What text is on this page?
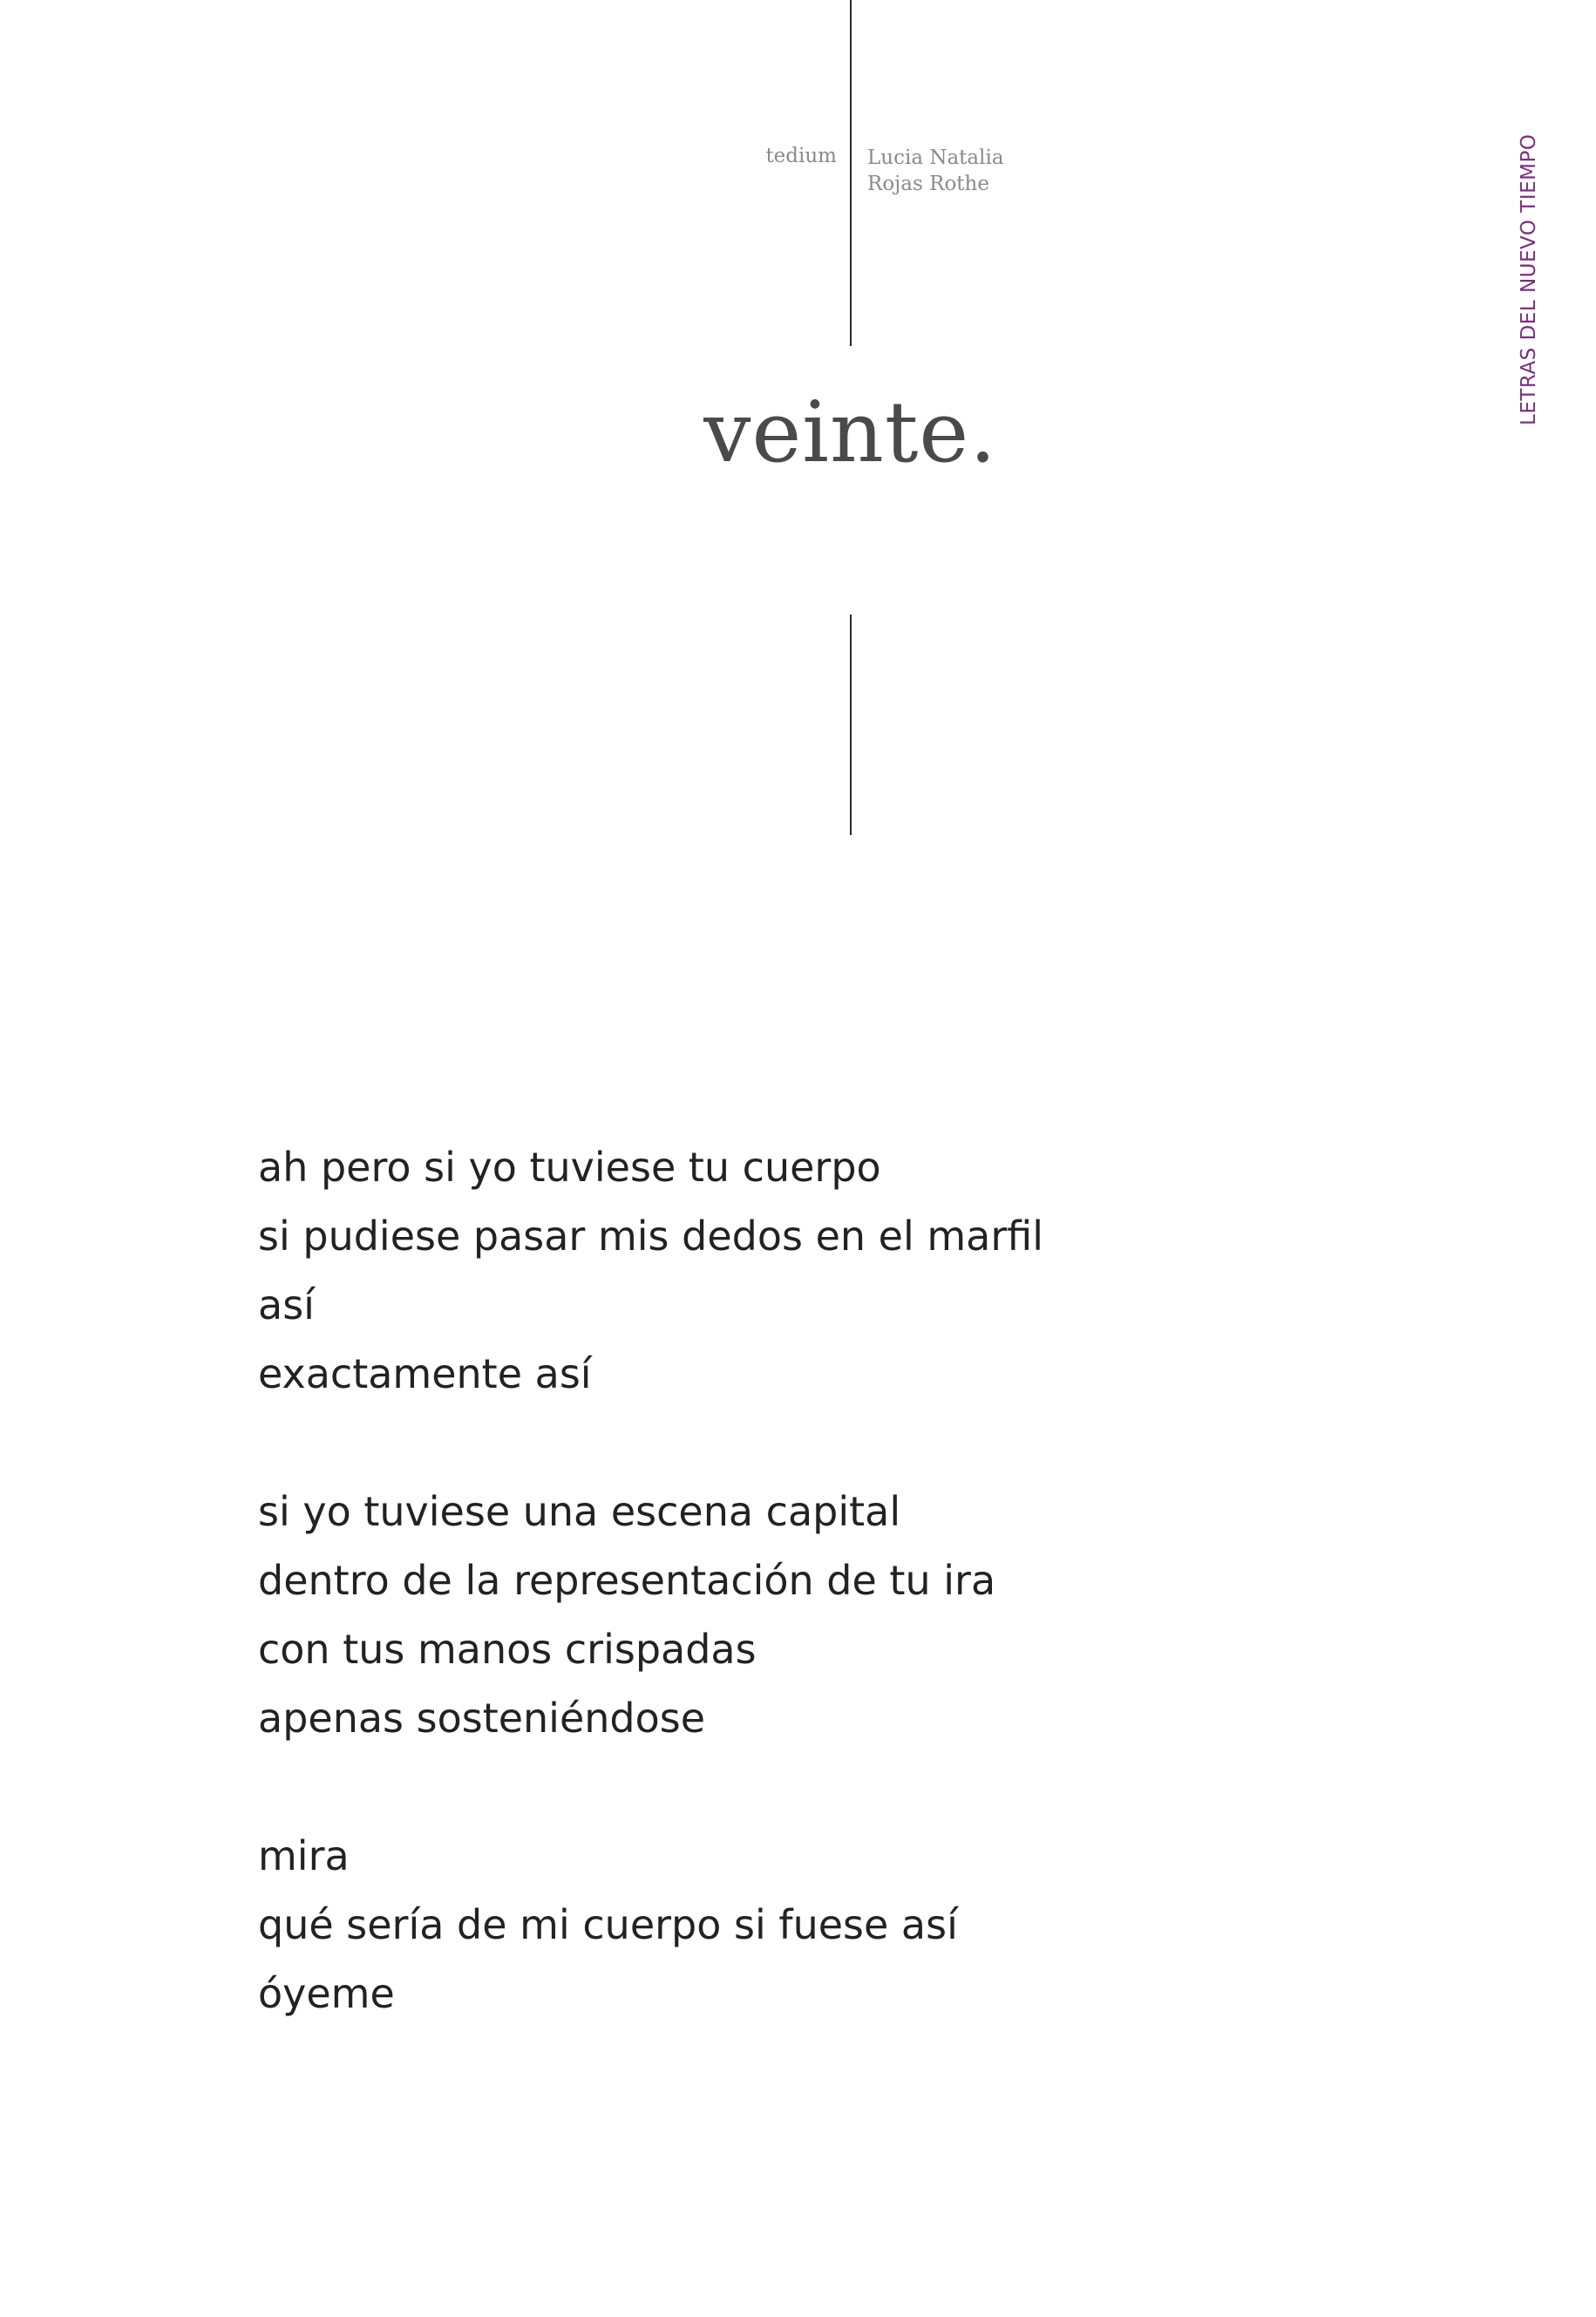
tedium Lucia Natalia
Rojas Rothe	LETRAS DEL NUEVO TIEMPO
veinte.
ah pero si yo tuviese tu cuerpo
si pudiese pasar mis dedos en el marfil
así
exactamente así
si yo tuviese una escena capital
dentro de la representación de tu ira
con tus manos crispadas
apenas sosteniéndose
mira
qué sería de mi cuerpo si fuese así
óyeme
